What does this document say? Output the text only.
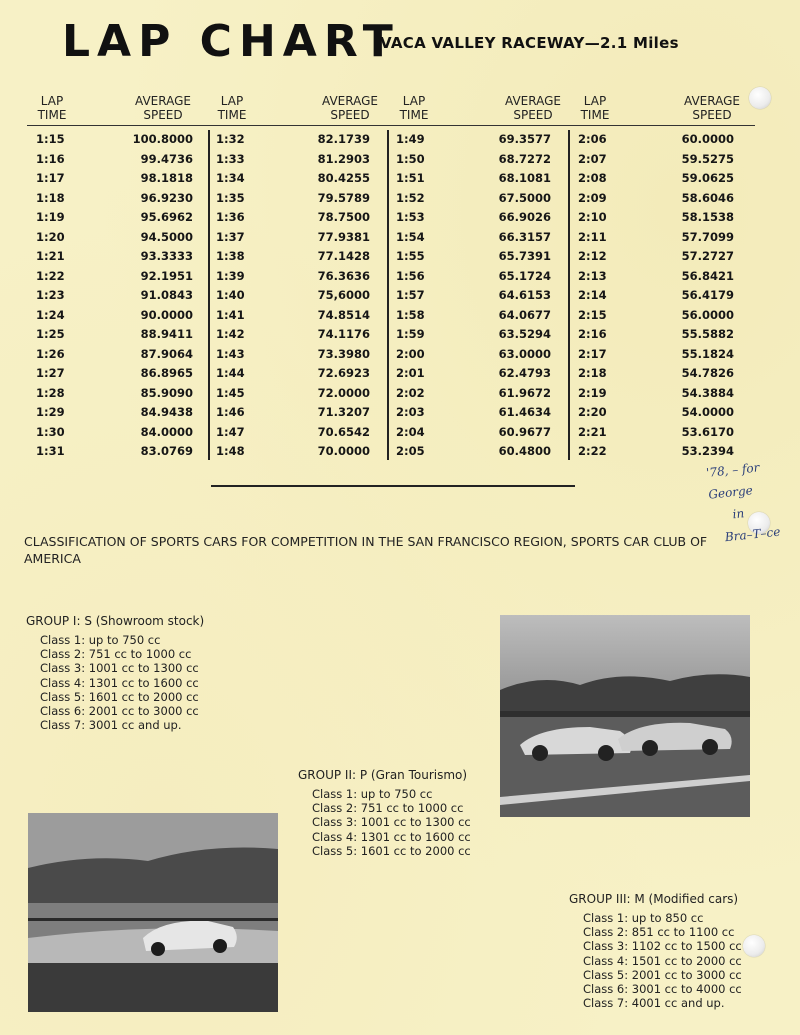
LAP CHART
VACA VALLEY RACEWAY—2.1 Miles
LAP
TIME
AVERAGE
SPEED
LAP
TIME
AVERAGE
SPEED
LAP
TIME
AVERAGE
SPEED
LAP
TIME
AVERAGE
SPEED
1:15
1:16
1:17
1:18
1:19
1:20
1:21
1:22
1:23
1:24
1:25
1:26
1:27
1:28
1:29
1:30
1:31
100.8000
99.4736
98.1818
96.9230
95.6962
94.5000
93.3333
92.1951
91.0843
90.0000
88.9411
87.9064
86.8965
85.9090
84.9438
84.0000
83.0769
1:32
1:33
1:34
1:35
1:36
1:37
1:38
1:39
1:40
1:41
1:42
1:43
1:44
1:45
1:46
1:47
1:48
82.1739
81.2903
80.4255
79.5789
78.7500
77.9381
77.1428
76.3636
75,6000
74.8514
74.1176
73.3980
72.6923
72.0000
71.3207
70.6542
70.0000
1:49
1:50
1:51
1:52
1:53
1:54
1:55
1:56
1:57
1:58
1:59
2:00
2:01
2:02
2:03
2:04
2:05
69.3577
68.7272
68.1081
67.5000
66.9026
66.3157
65.7391
65.1724
64.6153
64.0677
63.5294
63.0000
62.4793
61.9672
61.4634
60.9677
60.4800
2:06
2:07
2:08
2:09
2:10
2:11
2:12
2:13
2:14
2:15
2:16
2:17
2:18
2:19
2:20
2:21
2:22
60.0000
59.5275
59.0625
58.6046
58.1538
57.7099
57.2727
56.8421
56.4179
56.0000
55.5882
55.1824
54.7826
54.3884
54.0000
53.6170
53.2394
'78, – for George
in
Bra–T–ce
CLASSIFICATION OF SPORTS CARS FOR COMPETITION IN THE SAN FRANCISCO REGION, SPORTS CAR CLUB OF AMERICA
GROUP I: S (Showroom stock)
Class 1: up to 750 cc
Class 2: 751 cc to 1000 cc
Class 3: 1001 cc to 1300 cc
Class 4: 1301 cc to 1600 cc
Class 5: 1601 cc to 2000 cc
Class 6: 2001 cc to 3000 cc
Class 7: 3001 cc and up.
GROUP II: P (Gran Tourismo)
Class 1: up to 750 cc
Class 2: 751 cc to 1000 cc
Class 3: 1001 cc to 1300 cc
Class 4: 1301 cc to 1600 cc
Class 5: 1601 cc to 2000 cc
GROUP III: M (Modified cars)
Class 1: up to 850 cc
Class 2: 851 cc to 1100 cc
Class 3: 1102 cc to 1500 cc
Class 4: 1501 cc to 2000 cc
Class 5: 2001 cc to 3000 cc
Class 6: 3001 cc to 4000 cc
Class 7: 4001 cc and up.
